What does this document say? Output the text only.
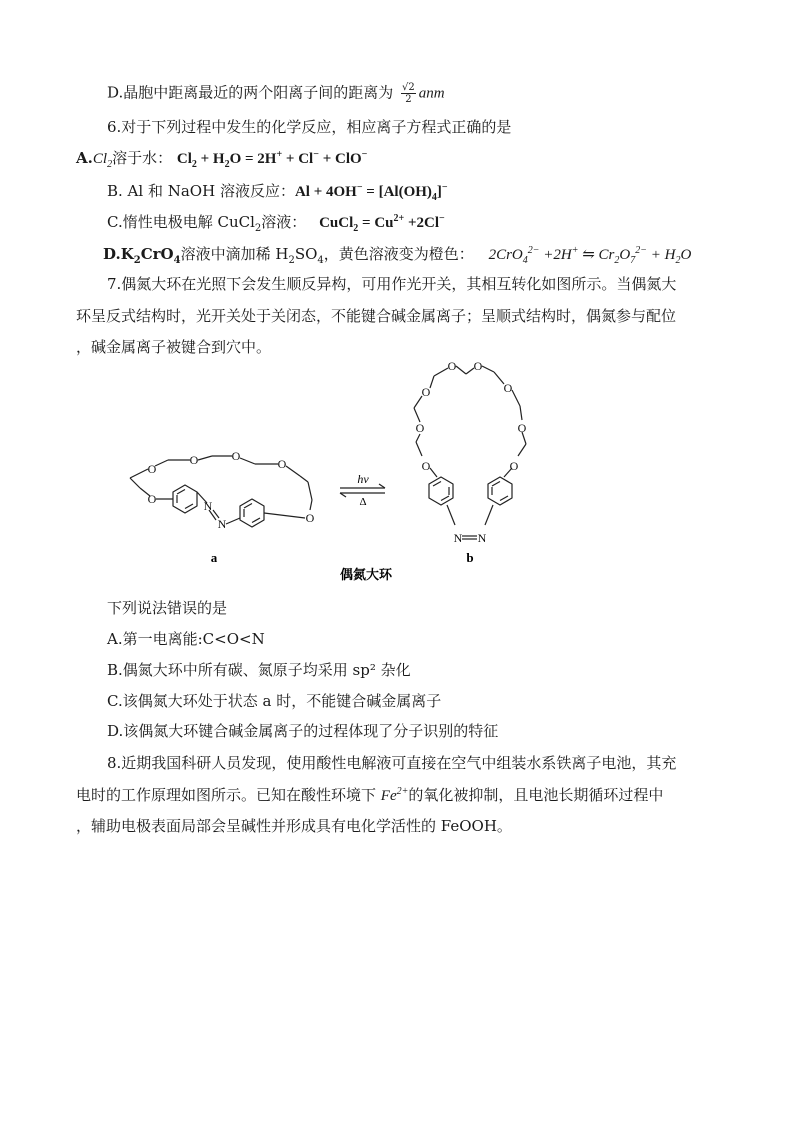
D.晶胞中距离最近的两个阳离子间的距离为 $\frac{√2}{2}$ anm
6.对于下列过程中发生的化学反应，相应离子方程式正确的是
$A.Cl_2$溶于水： $Cl_2 + H_2O = 2H^+ + Cl^- + ClO^-$
B. Al 和 NaOH 溶液反应：$Al + 4OH^- = [Al(OH)_4]^-$
C.惰性电极电解 CuCl$_2$溶液： CuCl$_2$ = $Cu^{2+} +2Cl^-$
$D.K_2CrO_4$溶液中滴加稀 $H_2SO_4$，黄色溶液变为橙色： 2CrO$_4^{2-}$ +2H+ ⇋ $Cr_2O_7^{2-} + H_2O$
7.偶氮大环在光照下会发生顺反异构，可用作光开关，其相互转化如图所示。当偶氮大
环呈反式结构时，光开关处于关闭态，不能键合碱金属离子；呈顺式结构时，偶氮参与配位
，碱金属离子被键合到穴中。
O
O
O	O
O
O
N
N
O
O
O
O O
O
O
O
N N
hν
Δ
a	b
偶氮大环
下列说法错误的是
A.第一电离能:C<O<N
B.偶氮大环中所有碳、氮原子均采用 sp² 杂化
C.该偶氮大环处于状态 a 时，不能键合碱金属离子
D.该偶氮大环键合碱金属离子的过程体现了分子识别的特征
8.近期我国科研人员发现，使用酸性电解液可直接在空气中组装水系铁离子电池，其充
电时的工作原理如图所示。已知在酸性环境下 $Fe^{2+}$的氧化被抑制，且电池长期循环过程中
，辅助电极表面局部会呈碱性并形成具有电化学活性的 FeOOH。
